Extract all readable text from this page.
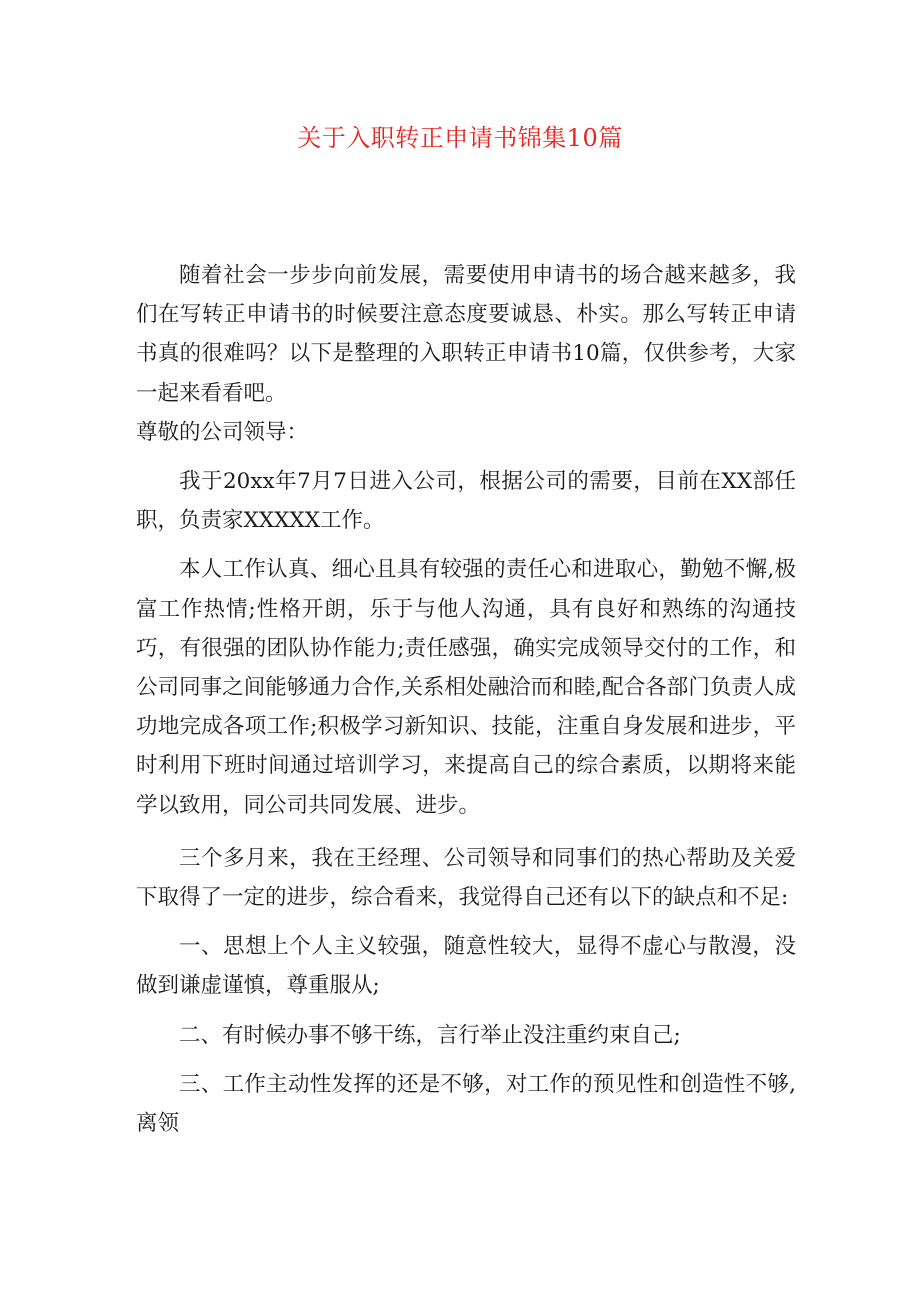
关于入职转正申请书锦集10篇

随着社会一步步向前发展，需要使用申请书的场合越来越多，我们在写转正申请书的时候要注意态度要诚恳、朴实。那么写转正申请书真的很难吗？以下是整理的入职转正申请书10篇，仅供参考，大家一起来看看吧。

尊敬的公司领导：

我于20xx年7月7日进入公司，根据公司的需要，目前在XX部任职，负责家XXXXX工作。

本人工作认真、细心且具有较强的责任心和进取心，勤勉不懈,极富工作热情;性格开朗，乐于与他人沟通，具有良好和熟练的沟通技巧，有很强的团队协作能力;责任感强，确实完成领导交付的工作，和公司同事之间能够通力合作,关系相处融洽而和睦,配合各部门负责人成功地完成各项工作;积极学习新知识、技能，注重自身发展和进步，平时利用下班时间通过培训学习，来提高自己的综合素质，以期将来能学以致用，同公司共同发展、进步。

三个多月来，我在王经理、公司领导和同事们的热心帮助及关爱下取得了一定的进步，综合看来，我觉得自己还有以下的缺点和不足:

一、思想上个人主义较强，随意性较大，显得不虚心与散漫，没做到谦虚谨慎，尊重服从;

二、有时候办事不够干练，言行举止没注重约束自己;

三、工作主动性发挥的还是不够，对工作的预见性和创造性不够,离领
